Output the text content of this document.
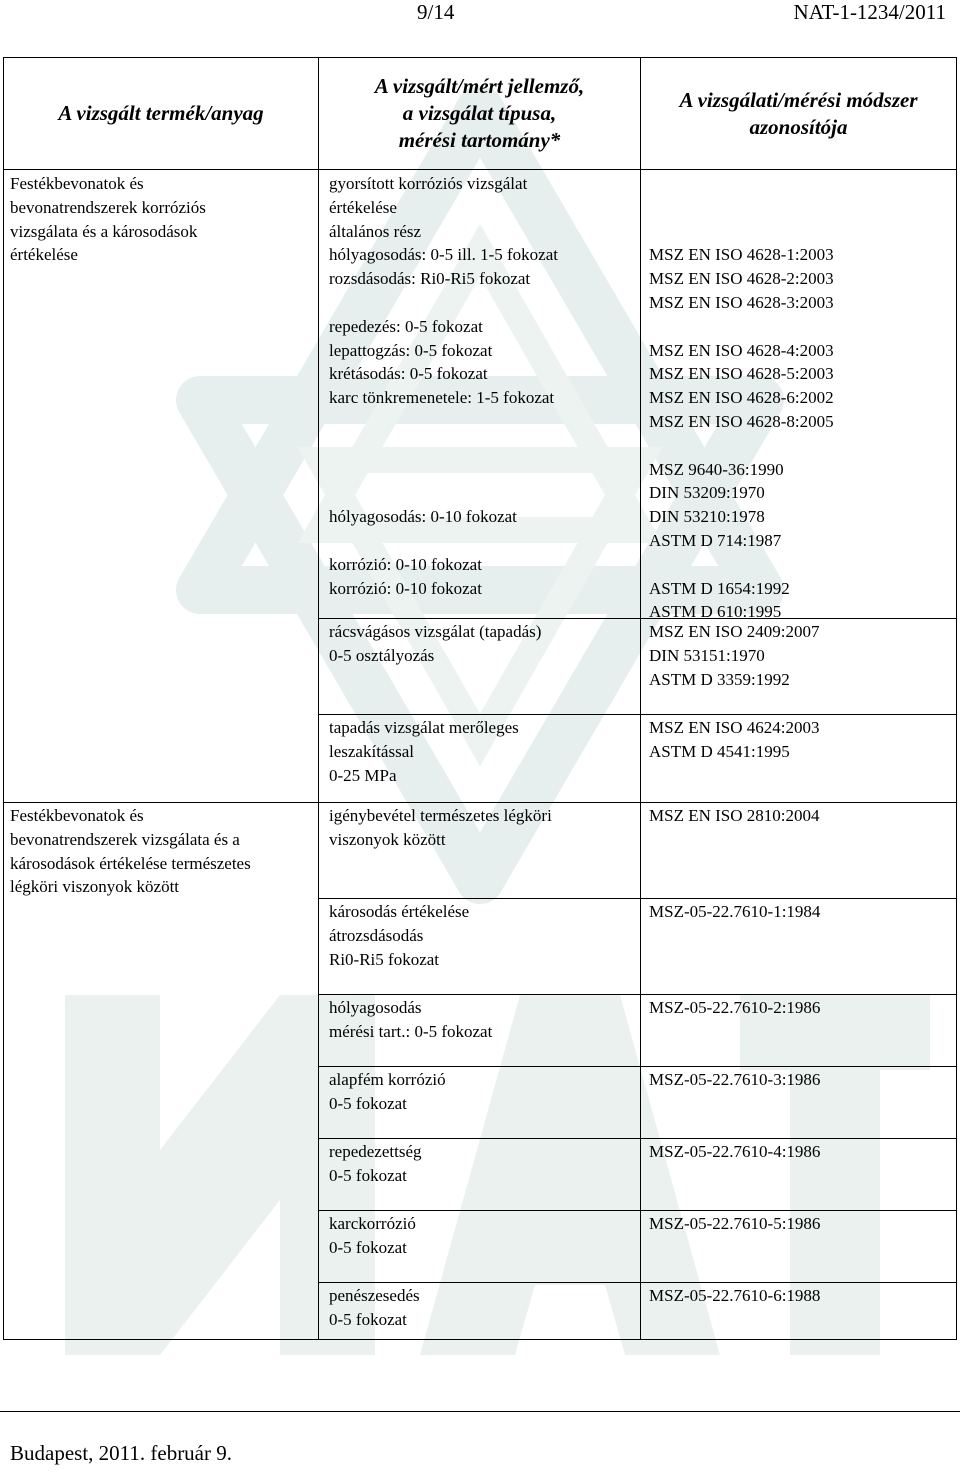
9/14	NAT-1-1234/2011
A vizsgált termék/anyag
A vizsgált/mért jellemző,
a vizsgálat típusa,
mérési tartomány*
A vizsgálati/mérési módszer
azonosítója
Festékbevonatok és
bevonatrendszerek korróziós
vizsgálata és a károsodások
értékelése
Festékbevonatok és
bevonatrendszerek vizsgálata és a
károsodások értékelése természetes
légköri viszonyok között
gyorsított korróziós vizsgálat
értékelése
általános rész
hólyagosodás: 0-5 ill. 1-5 fokozat
rozsdásodás: Ri0-Ri5 fokozat

repedezés: 0-5 fokozat
lepattogzás: 0-5 fokozat
krétásodás: 0-5 fokozat
karc tönkremenetele: 1-5 fokozat

hólyagosodás: 0-10 fokozat

korrózió: 0-10 fokozat
korrózió: 0-10 fokozat

MSZ EN ISO 4628-1:2003
MSZ EN ISO 4628-2:2003
MSZ EN ISO 4628-3:2003

MSZ EN ISO 4628-4:2003
MSZ EN ISO 4628-5:2003
MSZ EN ISO 4628-6:2002
MSZ EN ISO 4628-8:2005

MSZ 9640-36:1990
DIN 53209:1970
DIN 53210:1978
ASTM D 714:1987

ASTM D 1654:1992
ASTM D 610:1995
rácsvágásos vizsgálat (tapadás)
0-5 osztályozás
MSZ EN ISO 2409:2007
DIN 53151:1970
ASTM D 3359:1992
tapadás vizsgálat merőleges
leszakítással
0-25 MPa
MSZ EN ISO 4624:2003
ASTM D 4541:1995
igénybevétel természetes légköri
viszonyok között
MSZ EN ISO 2810:2004
károsodás értékelése
átrozsdásodás
Ri0-Ri5 fokozat
MSZ-05-22.7610-1:1984
hólyagosodás
mérési tart.: 0-5 fokozat
MSZ-05-22.7610-2:1986
alapfém korrózió
0-5 fokozat
MSZ-05-22.7610-3:1986
repedezettség
0-5 fokozat
MSZ-05-22.7610-4:1986
karckorrózió
0-5 fokozat
MSZ-05-22.7610-5:1986
penészesedés
0-5 fokozat
MSZ-05-22.7610-6:1988
Budapest, 2011. február 9.
